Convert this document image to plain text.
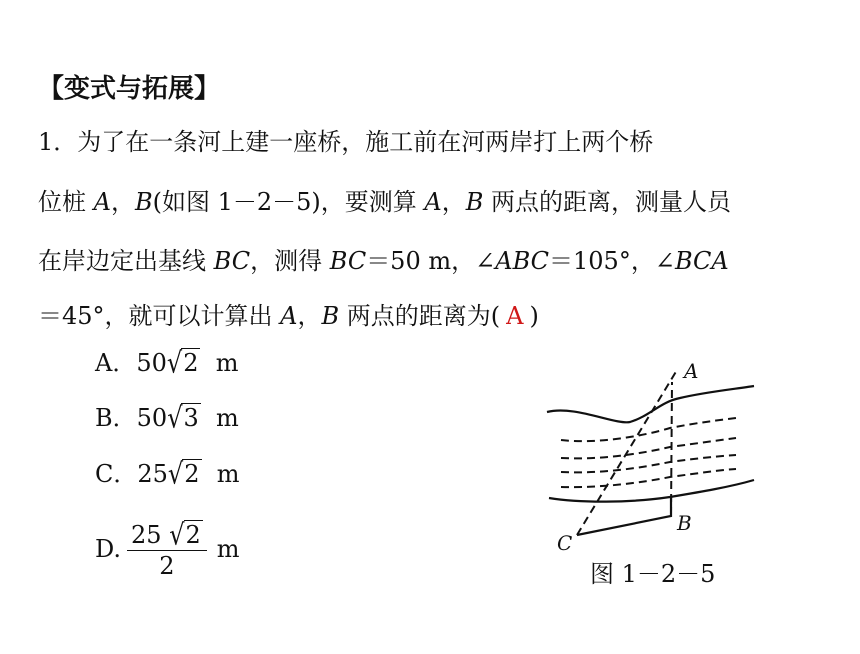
【变式与拓展】
1．为了在一条河上建一座桥，施工前在河两岸打上两个桥
位桩 A，B(如图 1－2－5)，要测算 A，B 两点的距离，测量人员
在岸边定出基线 BC，测得 BC＝50 m，∠ABC＝105°，∠BCA
＝45°，就可以计算出 A，B 两点的距离为( A )
A．50√2 m
B．50√3 m
C．25√2 m
D. $\frac{25 √2}{2}$ m
A
B
C
图 1－2－5
